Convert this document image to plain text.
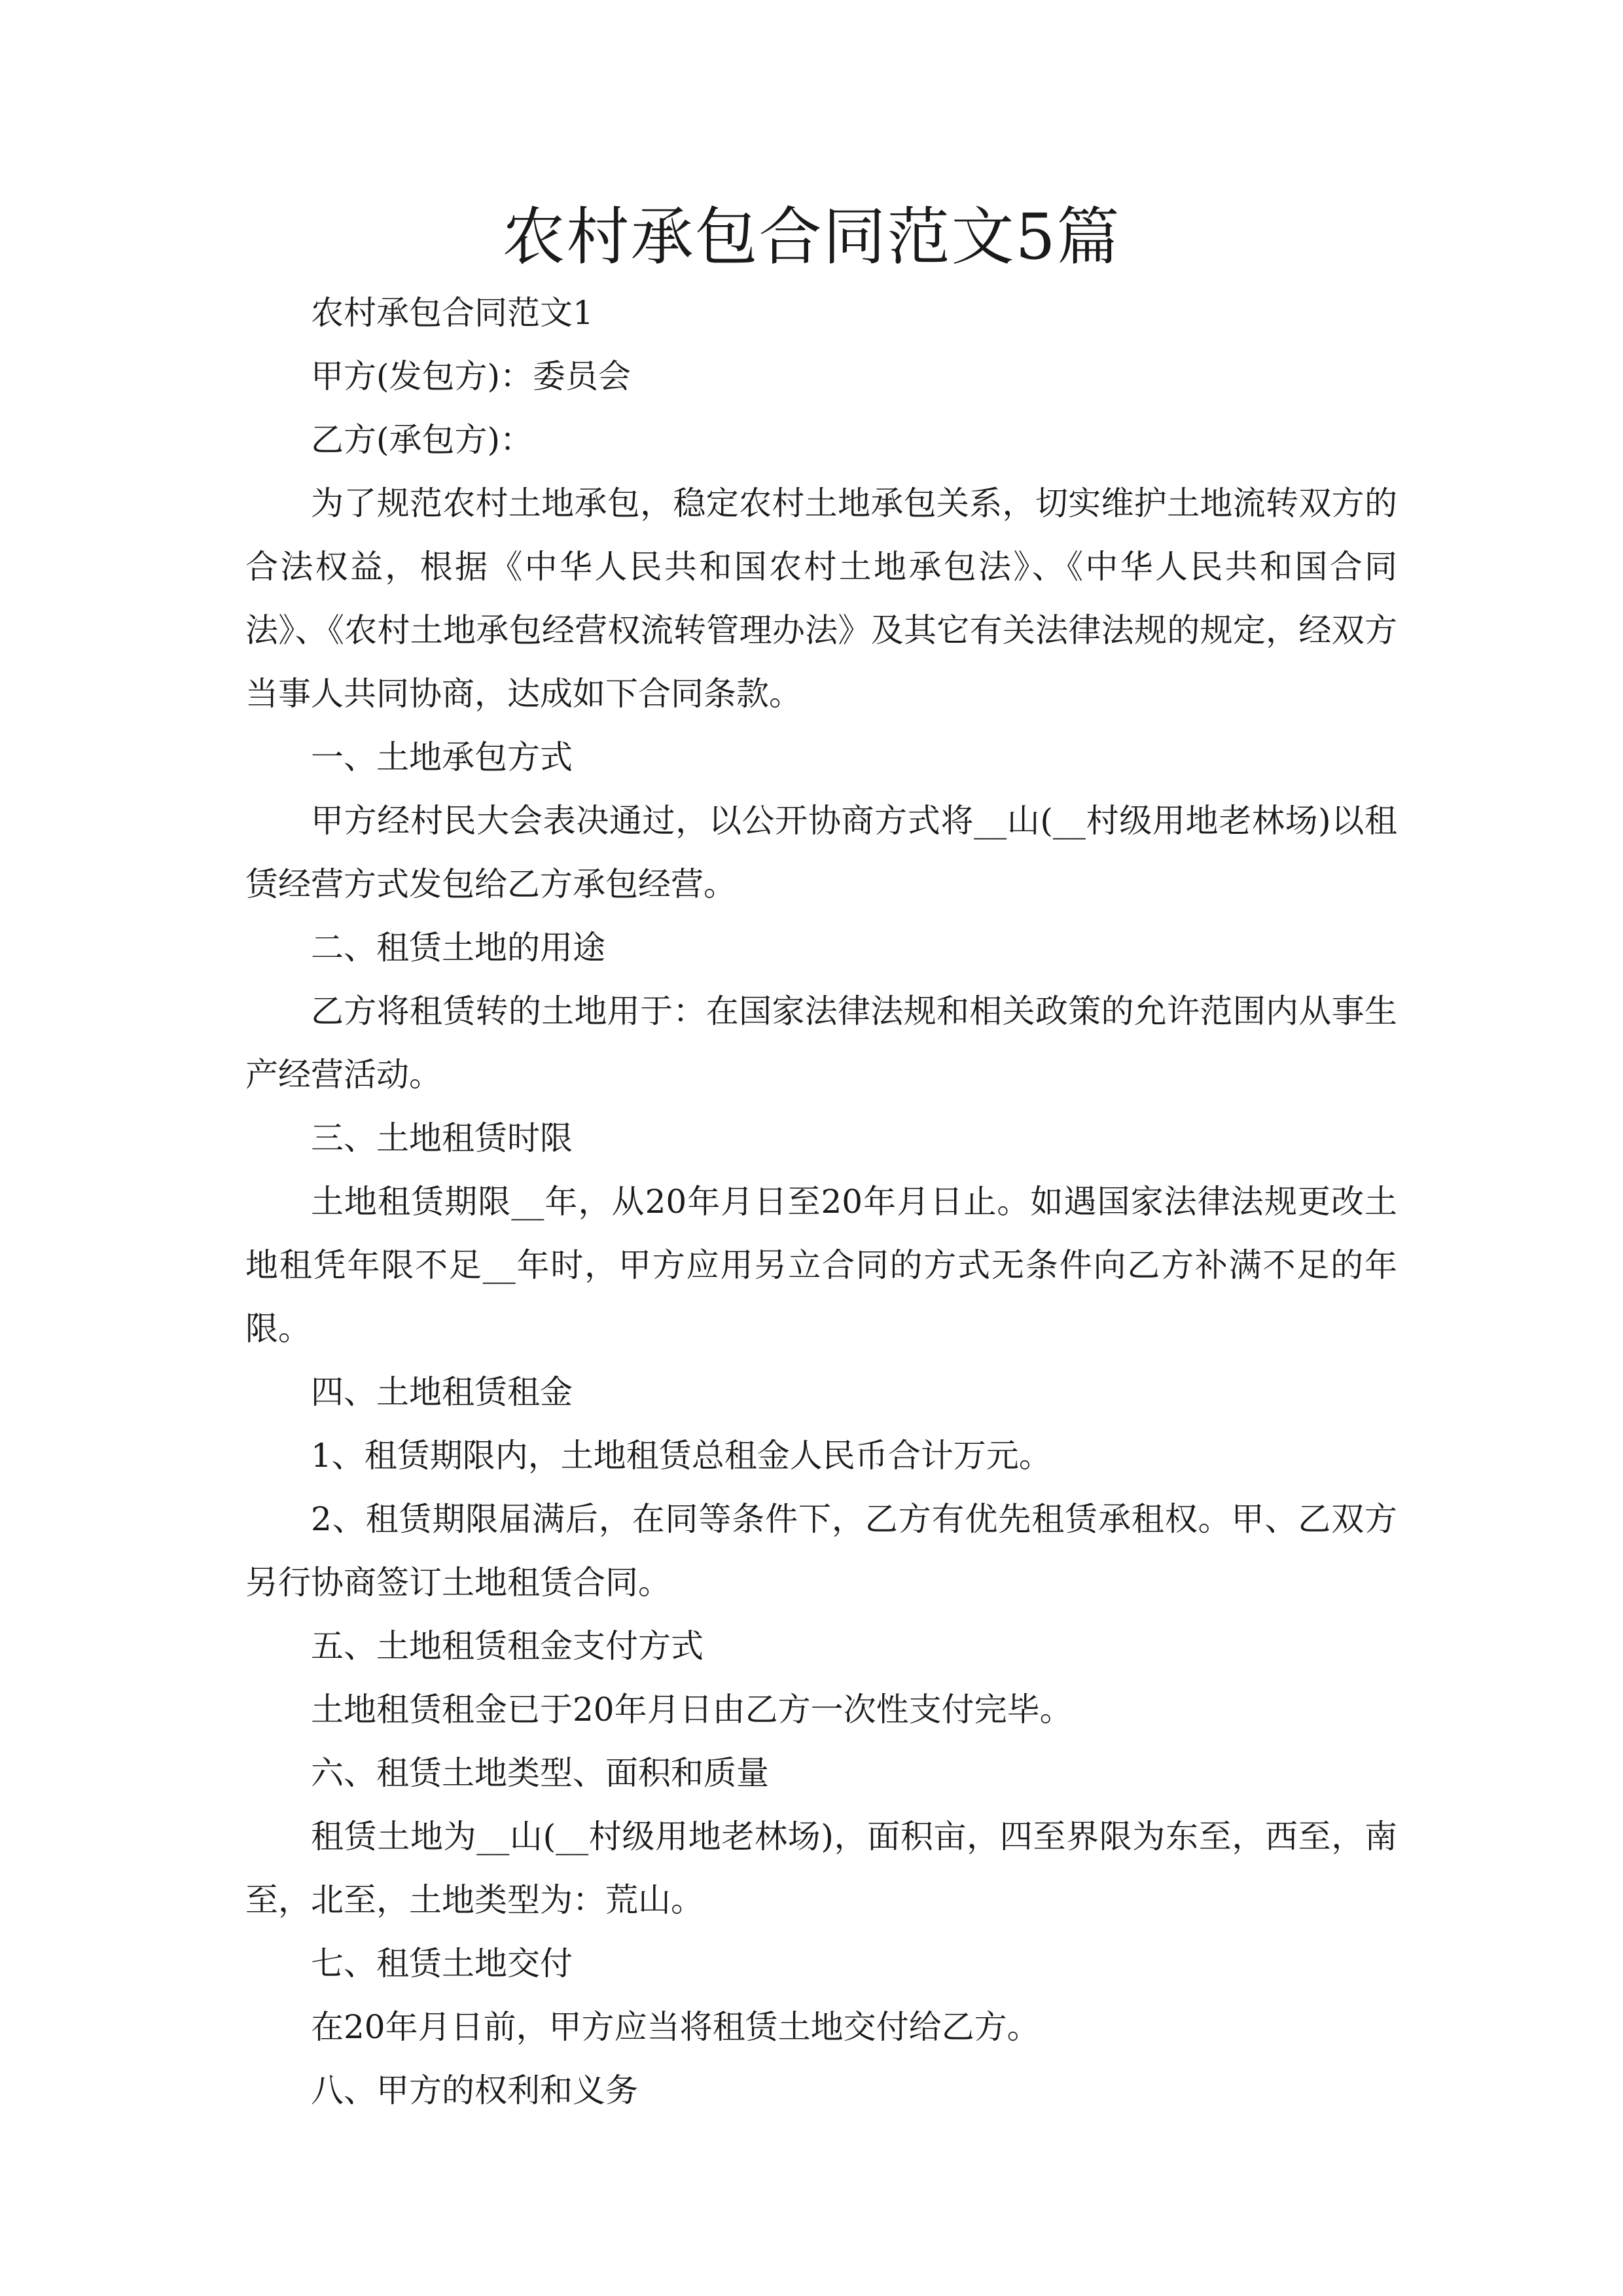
农村承包合同范文5篇

农村承包合同范文1

甲方(发包方)：委员会

乙方(承包方)：

为了规范农村土地承包，稳定农村土地承包关系，切实维护土地流转双方的合法权益，根据《中华人民共和国农村土地承包法》、《中华人民共和国合同法》、《农村土地承包经营权流转管理办法》及其它有关法律法规的规定，经双方当事人共同协商，达成如下合同条款。

一、土地承包方式

甲方经村民大会表决通过，以公开协商方式将__山(__村级用地老林场)以租赁经营方式发包给乙方承包经营。

二、租赁土地的用途

乙方将租赁转的土地用于：在国家法律法规和相关政策的允许范围内从事生产经营活动。

三、土地租赁时限

土地租赁期限__年，从20年月日至20年月日止。如遇国家法律法规更改土地租凭年限不足__年时，甲方应用另立合同的方式无条件向乙方补满不足的年限。

四、土地租赁租金

1、租赁期限内，土地租赁总租金人民币合计万元。

2、租赁期限届满后，在同等条件下，乙方有优先租赁承租权。甲、乙双方另行协商签订土地租赁合同。

五、土地租赁租金支付方式

土地租赁租金已于20年月日由乙方一次性支付完毕。

六、租赁土地类型、面积和质量

租赁土地为__山(__村级用地老林场)，面积亩，四至界限为东至，西至，南至，北至，土地类型为：荒山。

七、租赁土地交付

在20年月日前，甲方应当将租赁土地交付给乙方。

八、甲方的权利和义务
